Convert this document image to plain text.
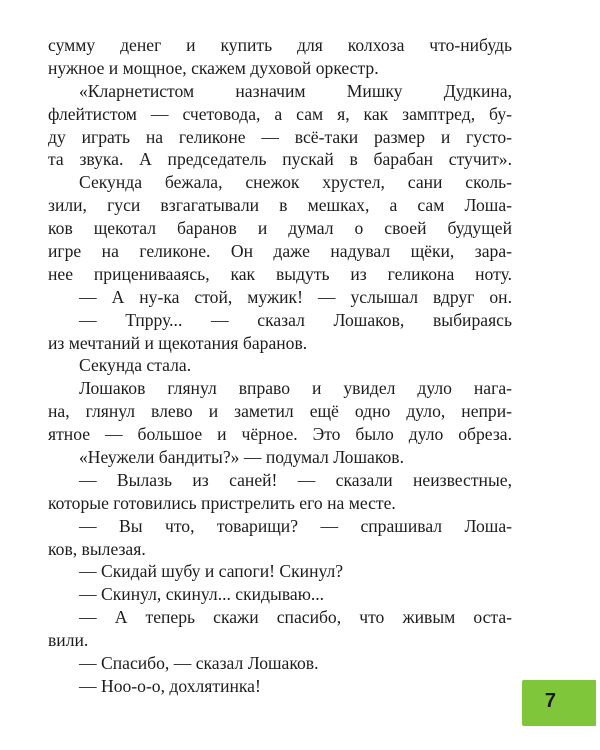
сумму денег и купить для колхоза что-нибудь
нужное и мощное, скажем духовой оркестр.
«Кларнетистом назначим Мишку Дудкина,
флейтистом — счетовода, а сам я, как замптред, бу-
ду играть на геликоне — всё-таки размер и густо-
та звука. А председатель пускай в барабан стучит».
Секунда бежала, снежок хрустел, сани сколь-
зили, гуси взгагатывали в мешках, а сам Лоша-
ков щекотал баранов и думал о своей будущей
игре на геликоне. Он даже надувал щёки, зара-
нее приценивааясь, как выдуть из геликона ноту.
— А ну-ка стой, мужик! — услышал вдруг он.
— Тпрру... — сказал Лошаков, выбираясь
из мечтаний и щекотания баранов.
Секунда стала.
Лошаков глянул вправо и увидел дуло нага-
на, глянул влево и заметил ещё одно дуло, непри-
ятное — большое и чёрное. Это было дуло обреза.
«Неужели бандиты?» — подумал Лошаков.
— Вылазь из саней! — сказали неизвестные,
которые готовились пристрелить его на месте.
— Вы что, товарищи? — спрашивал Лоша-
ков, вылезая.
— Скидай шубу и сапоги! Скинул?
— Скинул, скинул... скидываю...
— А теперь скажи спасибо, что живым оста-
вили.
— Спасибо, — сказал Лошаков.
— Ноо-о-о, дохлятинка!
7
